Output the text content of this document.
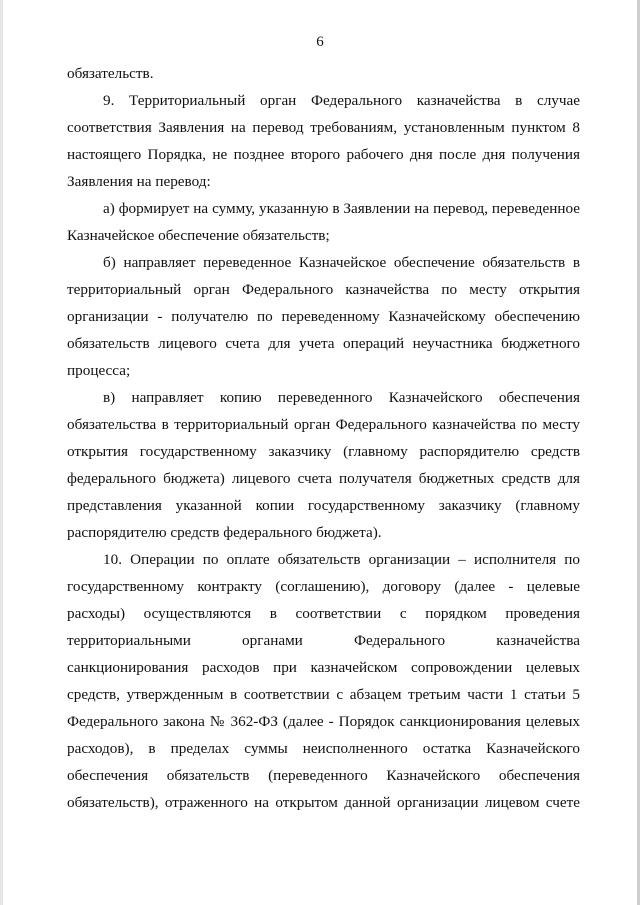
6
обязательств.
9. Территориальный орган Федерального казначейства в случае
соответствия Заявления на перевод требованиям, установленным пунктом 8
настоящего Порядка, не позднее второго рабочего дня после дня получения
Заявления на перевод:
а) формирует на сумму, указанную в Заявлении на перевод, переведенное
Казначейское обеспечение обязательств;
б) направляет переведенное Казначейское обеспечение обязательств в
территориальный орган Федерального казначейства по месту открытия
организации - получателю по переведенному Казначейскому обеспечению
обязательств лицевого счета для учета операций неучастника бюджетного
процесса;
в) направляет копию переведенного Казначейского обеспечения
обязательства в территориальный орган Федерального казначейства по месту
открытия государственному заказчику (главному распорядителю средств
федерального бюджета) лицевого счета получателя бюджетных средств для
представления указанной копии государственному заказчику (главному
распорядителю средств федерального бюджета).
10. Операции по оплате обязательств организации – исполнителя по
государственному контракту (соглашению), договору (далее - целевые
расходы) осуществляются в соответствии с порядком проведения
территориальными органами Федерального казначейства
санкционирования расходов при казначейском сопровождении целевых
средств, утвержденным в соответствии с абзацем третьим части 1 статьи 5
Федерального закона № 362-ФЗ (далее - Порядок санкционирования целевых
расходов), в пределах суммы неисполненного остатка Казначейского
обеспечения обязательств (переведенного Казначейского обеспечения
обязательств), отраженного на открытом данной организации лицевом счете
